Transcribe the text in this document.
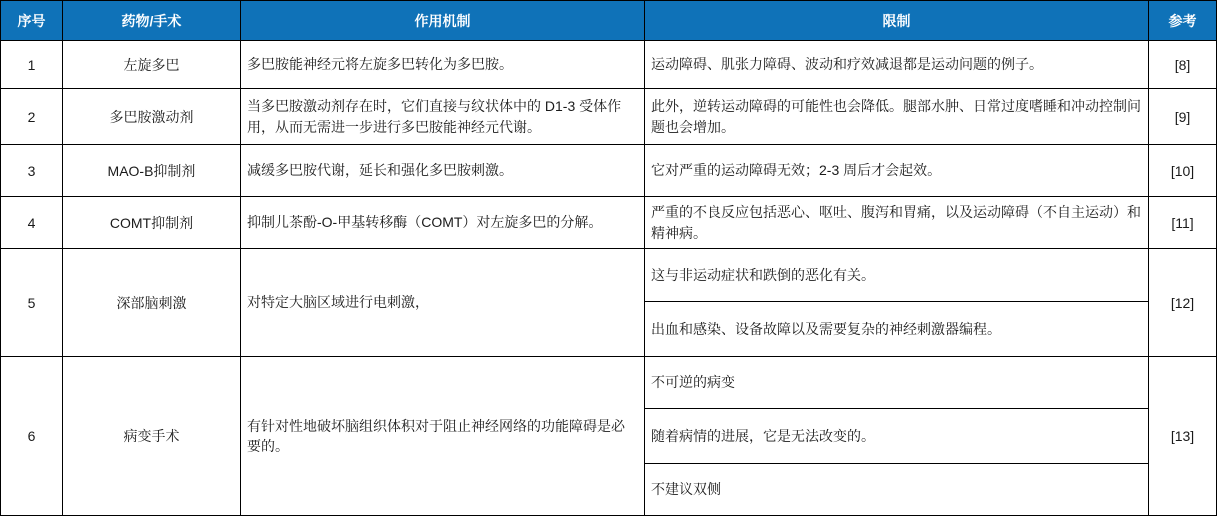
序号	药物/手术	作用机制	限制	参考
1	左旋多巴	多巴胺能神经元将左旋多巴转化为多巴胺。	运动障碍、肌张力障碍、波动和疗效减退都是运动问题的例子。	[8]
2	多巴胺激动剂	当多巴胺激动剂存在时，它们直接与纹状体中的 D1-3 受体作用，从而无需进一步进行多巴胺能神经元代谢。	此外，逆转运动障碍的可能性也会降低。腿部水肿、日常过度嗜睡和冲动控制问题也会增加。	[9]
3	MAO-B抑制剂	减缓多巴胺代谢，延长和强化多巴胺刺激。	它对严重的运动障碍无效；2-3 周后才会起效。	[10]
4	COMT抑制剂	抑制儿茶酚-O-甲基转移酶（COMT）对左旋多巴的分解。	严重的不良反应包括恶心、呕吐、腹泻和胃痛，以及运动障碍（不自主运动）和精神病。	[11]
5	深部脑刺激	对特定大脑区域进行电刺激，	这与非运动症状和跌倒的恶化有关。	[12]
			出血和感染、设备故障以及需要复杂的神经刺激器编程。	
6	病变手术	有针对性地破坏脑组织体积对于阻止神经网络的功能障碍是必要的。	不可逆的病变	[13]
			随着病情的进展，它是无法改变的。	
			不建议双侧	
